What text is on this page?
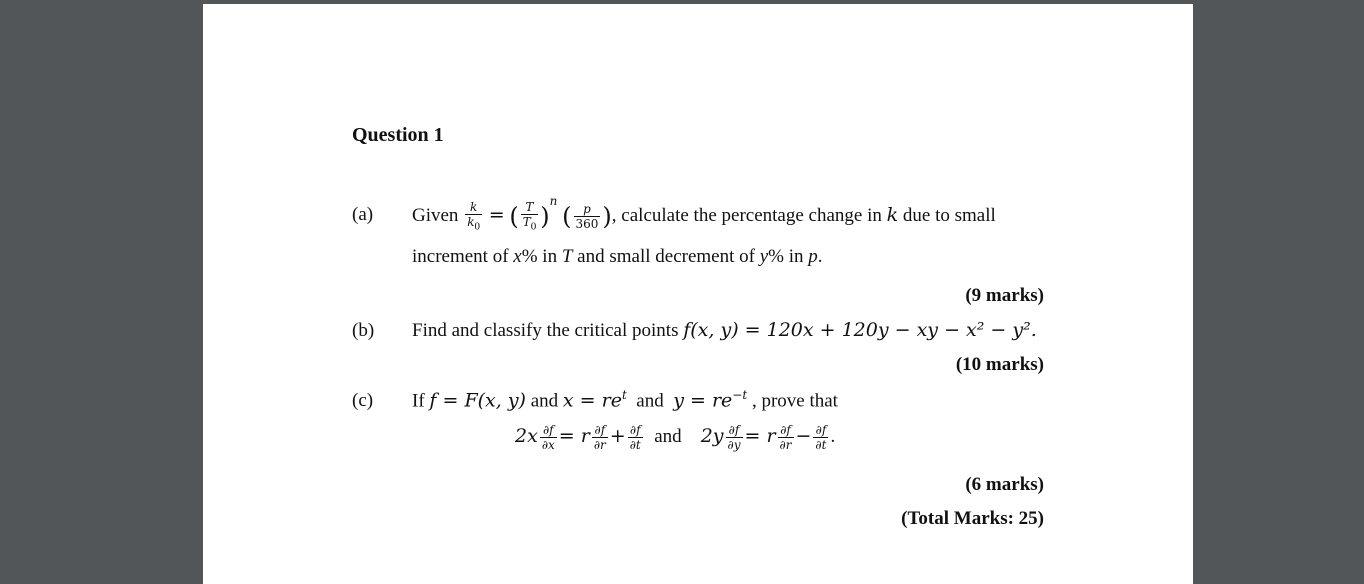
Question 1
(a) Given $\frac{k}{k_0}$ = ( $\frac{T}{T_0} )^n$ ( $\frac{p}{360}$ ), calculate the percentage change in k due to small
increment of x% in T and small decrement of y% in p.
(9 marks)
(b) Find and classify the critical points f(x, y) = 120x + 120y − xy − x² − y².
(10 marks)
(c) If f = F(x, y) and $x = re^t$ and $y = re^{-t}$ , prove that
$2x \frac{\partial f}{\partial x} = r \frac{\partial f}{\partial r} + \frac{\partial f}{\partial t}$ and $2y \frac{\partial f}{\partial y} = r \frac{\partial f}{\partial r} - \frac{\partial f}{\partial t}$ .
(6 marks)
(Total Marks: 25)
